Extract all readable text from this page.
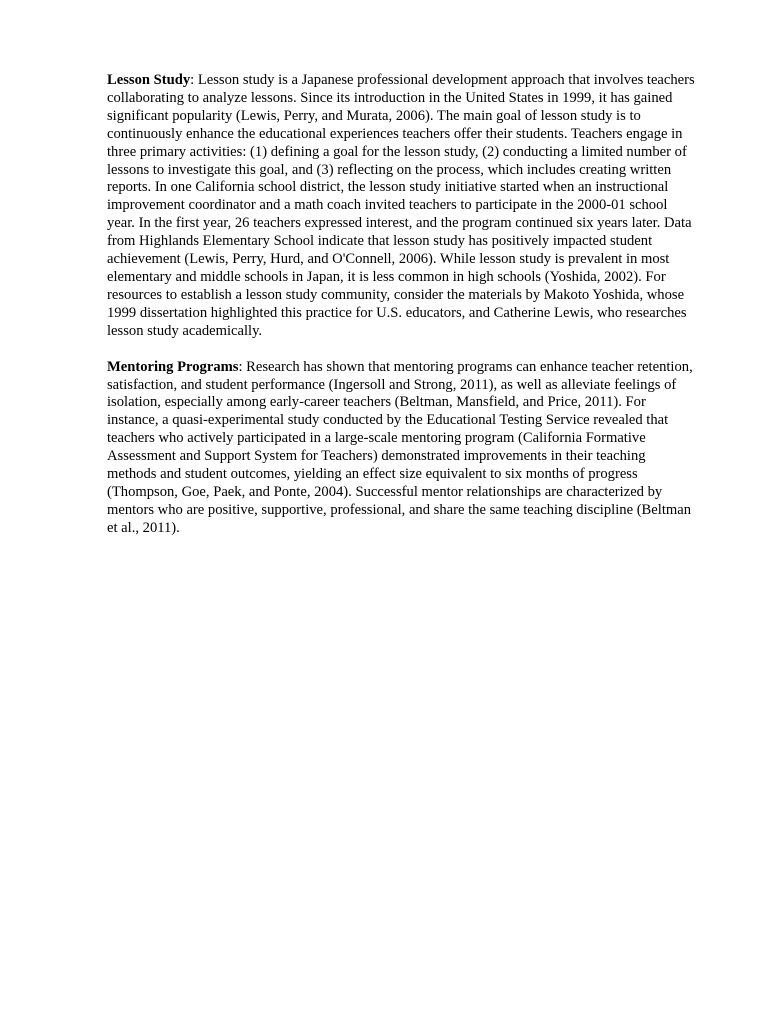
Lesson Study: Lesson study is a Japanese professional development approach that involves teachers collaborating to analyze lessons. Since its introduction in the United States in 1999, it has gained significant popularity (Lewis, Perry, and Murata, 2006). The main goal of lesson study is to continuously enhance the educational experiences teachers offer their students. Teachers engage in three primary activities: (1) defining a goal for the lesson study, (2) conducting a limited number of lessons to investigate this goal, and (3) reflecting on the process, which includes creating written reports. In one California school district, the lesson study initiative started when an instructional improvement coordinator and a math coach invited teachers to participate in the 2000-01 school year. In the first year, 26 teachers expressed interest, and the program continued six years later. Data from Highlands Elementary School indicate that lesson study has positively impacted student achievement (Lewis, Perry, Hurd, and O'Connell, 2006). While lesson study is prevalent in most elementary and middle schools in Japan, it is less common in high schools (Yoshida, 2002). For resources to establish a lesson study community, consider the materials by Makoto Yoshida, whose 1999 dissertation highlighted this practice for U.S. educators, and Catherine Lewis, who researches lesson study academically.

Mentoring Programs: Research has shown that mentoring programs can enhance teacher retention, satisfaction, and student performance (Ingersoll and Strong, 2011), as well as alleviate feelings of isolation, especially among early-career teachers (Beltman, Mansfield, and Price, 2011). For instance, a quasi-experimental study conducted by the Educational Testing Service revealed that teachers who actively participated in a large-scale mentoring program (California Formative Assessment and Support System for Teachers) demonstrated improvements in their teaching methods and student outcomes, yielding an effect size equivalent to six months of progress (Thompson, Goe, Paek, and Ponte, 2004). Successful mentor relationships are characterized by mentors who are positive, supportive, professional, and share the same teaching discipline (Beltman et al., 2011).
